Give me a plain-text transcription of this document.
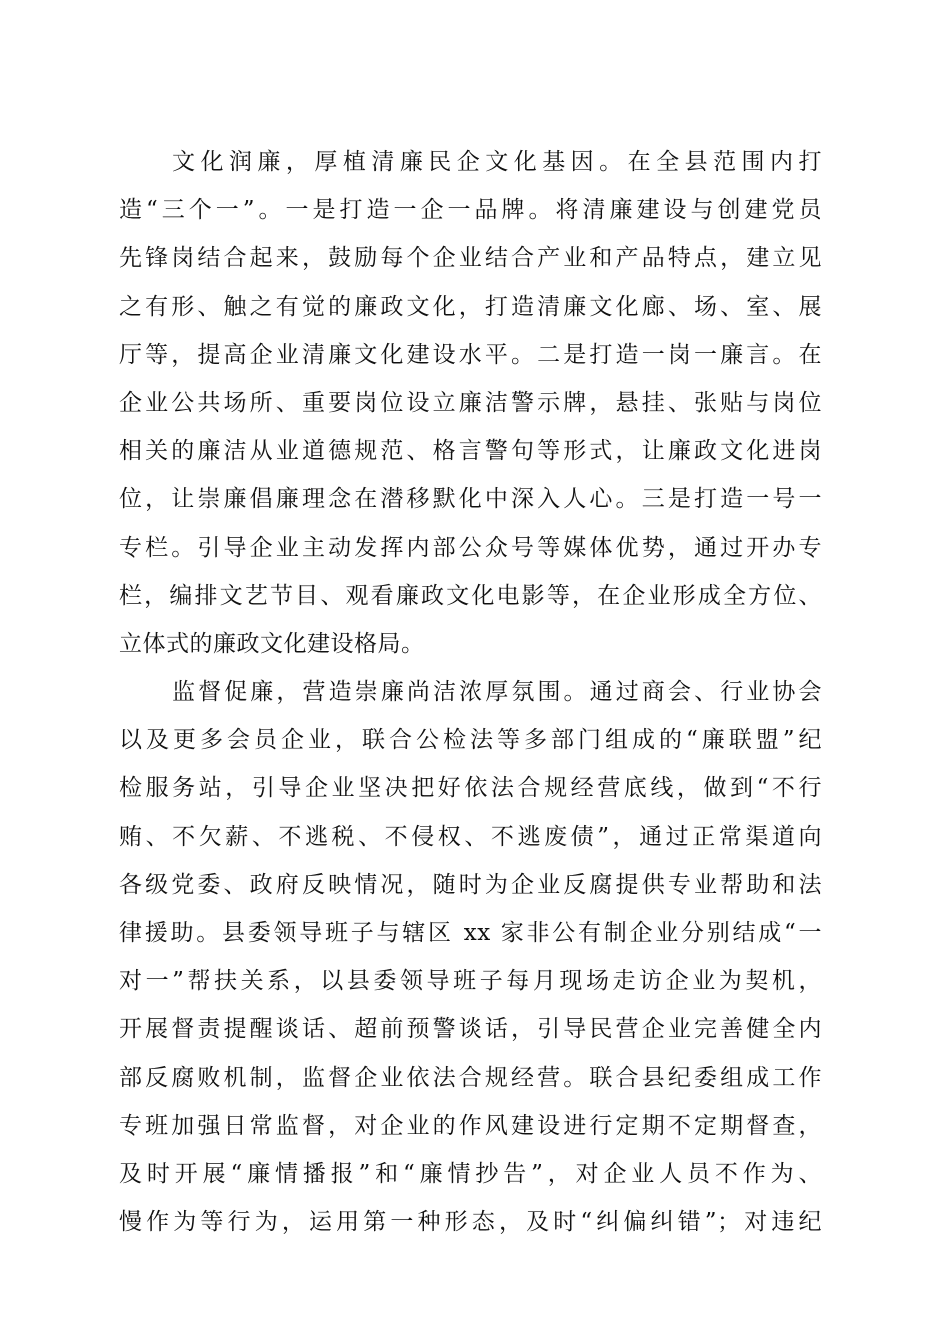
文化润廉，厚植清廉民企文化基因。在全县范围内打
造“三个一”。一是打造一企一品牌。将清廉建设与创建党员
先锋岗结合起来，鼓励每个企业结合产业和产品特点，建立见
之有形、触之有觉的廉政文化，打造清廉文化廊、场、室、展
厅等，提高企业清廉文化建设水平。二是打造一岗一廉言。在
企业公共场所、重要岗位设立廉洁警示牌，悬挂、张贴与岗位
相关的廉洁从业道德规范、格言警句等形式，让廉政文化进岗
位，让崇廉倡廉理念在潜移默化中深入人心。三是打造一号一
专栏。引导企业主动发挥内部公众号等媒体优势，通过开办专
栏，编排文艺节目、观看廉政文化电影等，在企业形成全方位、
立体式的廉政文化建设格局。
监督促廉，营造崇廉尚洁浓厚氛围。通过商会、行业协会
以及更多会员企业，联合公检法等多部门组成的“廉联盟”纪
检服务站，引导企业坚决把好依法合规经营底线，做到“不行
贿、不欠薪、不逃税、不侵权、不逃废债”，通过正常渠道向
各级党委、政府反映情况，随时为企业反腐提供专业帮助和法
律援助。县委领导班子与辖区 xx 家非公有制企业分别结成“一
对一”帮扶关系，以县委领导班子每月现场走访企业为契机，
开展督责提醒谈话、超前预警谈话，引导民营企业完善健全内
部反腐败机制，监督企业依法合规经营。联合县纪委组成工作
专班加强日常监督，对企业的作风建设进行定期不定期督查，
及时开展“廉情播报”和“廉情抄告”，对企业人员不作为、
慢作为等行为，运用第一种形态，及时“纠偏纠错”；对违纪
